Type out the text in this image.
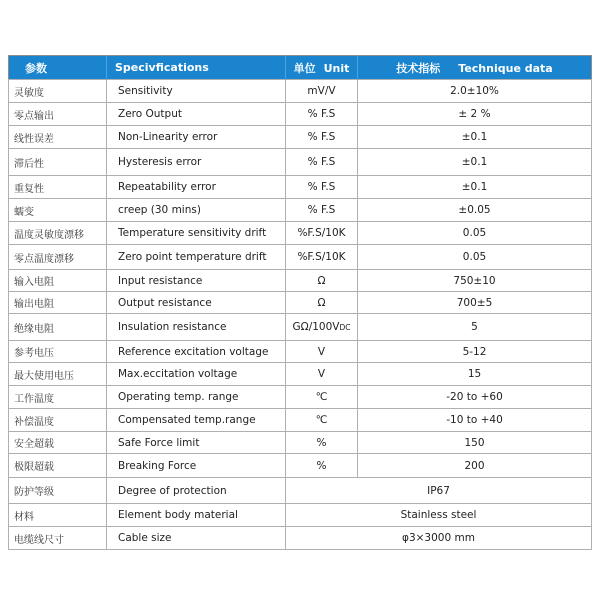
参数	Specivfications	单位 Unit	技术指标 Technique data
灵敏度	Sensitivity	mV/V	2.0±10%
零点输出	Zero Output	% F.S	± 2 %
线性误差	Non-Linearity error	% F.S	±0.1
滞后性	Hysteresis error	% F.S	±0.1
重复性	Repeatability error	% F.S	±0.1
蠕变	creep (30 mins)	% F.S	±0.05
温度灵敏度漂移	Temperature sensitivity drift	%F.S/10K	0.05
零点温度漂移	Zero point temperature drift	%F.S/10K	0.05
输入电阻	Input resistance	Ω	750±10
输出电阻	Output resistance	Ω	700±5
绝缘电阻	Insulation resistance	GΩ/100VDC	5
参考电压	Reference excitation voltage	V	5-12
最大使用电压	Max.eccitation voltage	V	15
工作温度	Operating temp. range	℃	-20 to +60
补偿温度	Compensated temp.range	℃	-10 to +40
安全超载	Safe Force limit	%	150
极限超载	Breaking Force	%	200
防护等级	Degree of protection	IP67	
材料	Element body material	Stainless steel	
电缆线尺寸	Cable size	φ3×3000 mm	
